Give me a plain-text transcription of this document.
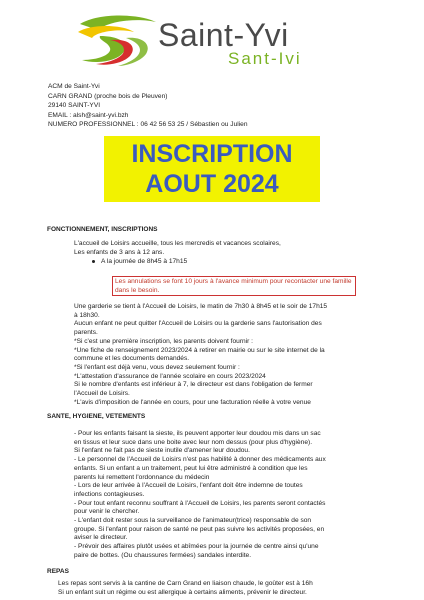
Saint-Yvi
Sant-Ivi
ACM de Saint-Yvi
CARN GRAND (proche bois de Pleuven)
29140 SAINT-YVI
EMAIL : alsh@saint-yvi.bzh
NUMERO PROFESSIONNEL : 06 42 56 53 25 / Sébastien ou Julien
INSCRIPTION
AOUT 2024
FONCTIONNEMENT, INSCRIPTIONS
L'accueil de Loisirs accueille, tous les mercredis et vacances scolaires,
Les enfants de 3 ans à 12 ans.
A la journée de 8h45 à 17h15
Les annulations se font 10 jours à l'avance minimum pour recontacter une famille dans le besoin.
Une garderie se tient à l'Accueil de Loisirs, le matin de 7h30 à 8h45 et le soir de 17h15
à 18h30.
Aucun enfant ne peut quitter l'Accueil de Loisirs ou la garderie sans l'autorisation des
parents.
*Si c'est une première inscription, les parents doivent fournir :
*Une fiche de renseignement 2023/2024 à retirer en mairie ou sur le site internet de la
commune et les documents demandés.
*Si l'enfant est déjà venu, vous devez seulement fournir :
*L'attestation d'assurance de l'année scolaire en cours 2023/2024
Si le nombre d'enfants est inférieur à 7, le directeur est dans l'obligation de fermer
l'Accueil de Loisirs.
*L'avis d'imposition de l'année en cours, pour une facturation réelle à votre venue
SANTE, HYGIENE, VETEMENTS
- Pour les enfants faisant la sieste, ils peuvent apporter leur doudou mis dans un sac
en tissus et leur suce dans une boite avec leur nom dessus (pour plus d'hygiène).
Si l'enfant ne fait pas de sieste inutile d'amener leur doudou.
- Le personnel de l'Accueil de Loisirs n'est pas habilité à donner des médicaments aux
enfants. Si un enfant a un traitement, peut lui être administré à condition que les
parents lui remettent l'ordonnance du médecin
- Lors de leur arrivée à l'Accueil de Loisirs, l'enfant doit être indemne de toutes
infections contagieuses.
- Pour tout enfant reconnu souffrant à l'Accueil de Loisirs, les parents seront contactés
pour venir le chercher.
- L'enfant doit rester sous la surveillance de l'animateur(trice) responsable de son
groupe. Si l'enfant pour raison de santé ne peut pas suivre les activités proposées, en
aviser le directeur.
- Prévoir des affaires plutôt usées et abîmées pour la journée de centre ainsi qu'une
paire de bottes. (Ou chaussures fermées) sandales interdite.
REPAS
Les repas sont servis à la cantine de Carn Grand en liaison chaude, le goûter est à 16h
Si un enfant suit un régime ou est allergique à certains aliments, prévenir le directeur.
